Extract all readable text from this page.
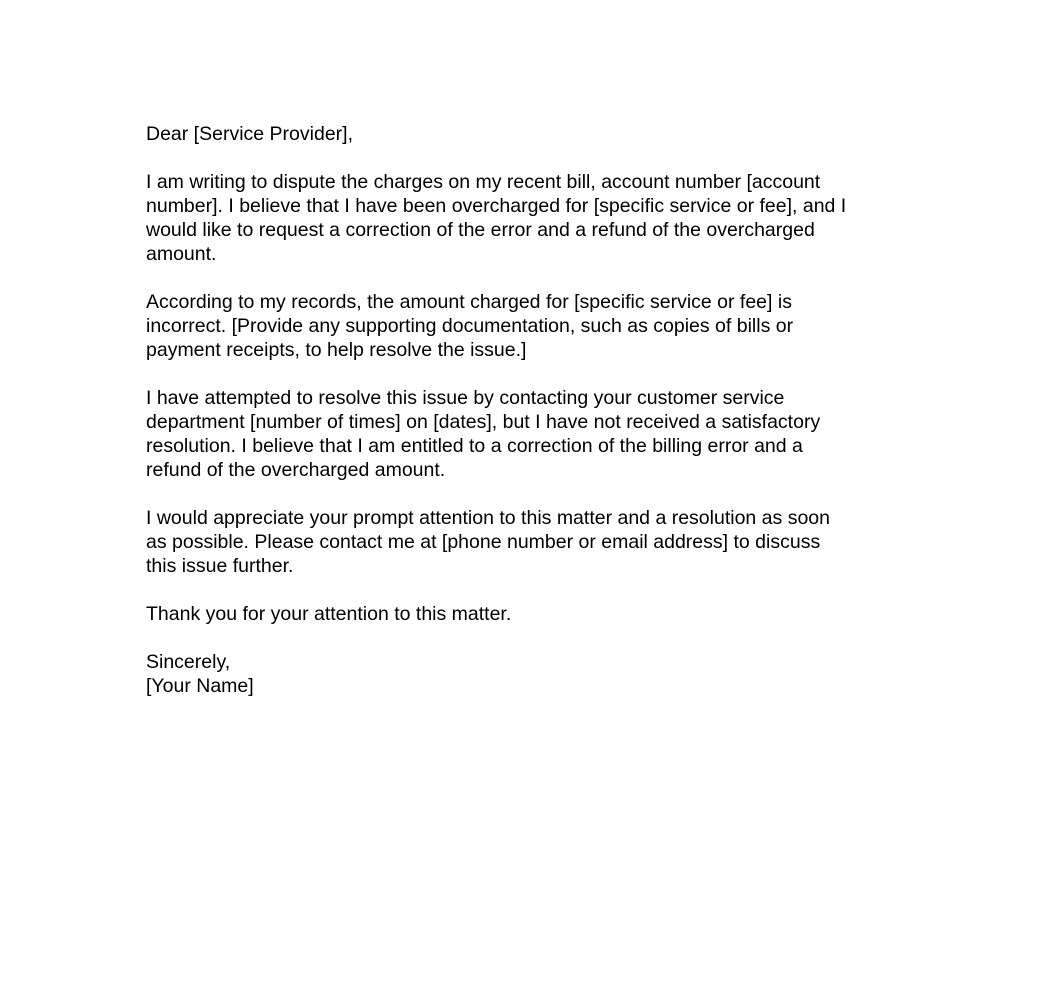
Dear [Service Provider],

I am writing to dispute the charges on my recent bill, account number [account
number]. I believe that I have been overcharged for [specific service or fee], and I
would like to request a correction of the error and a refund of the overcharged
amount.

According to my records, the amount charged for [specific service or fee] is
incorrect. [Provide any supporting documentation, such as copies of bills or
payment receipts, to help resolve the issue.]

I have attempted to resolve this issue by contacting your customer service
department [number of times] on [dates], but I have not received a satisfactory
resolution. I believe that I am entitled to a correction of the billing error and a
refund of the overcharged amount.

I would appreciate your prompt attention to this matter and a resolution as soon
as possible. Please contact me at [phone number or email address] to discuss
this issue further.

Thank you for your attention to this matter.

Sincerely,
[Your Name]
